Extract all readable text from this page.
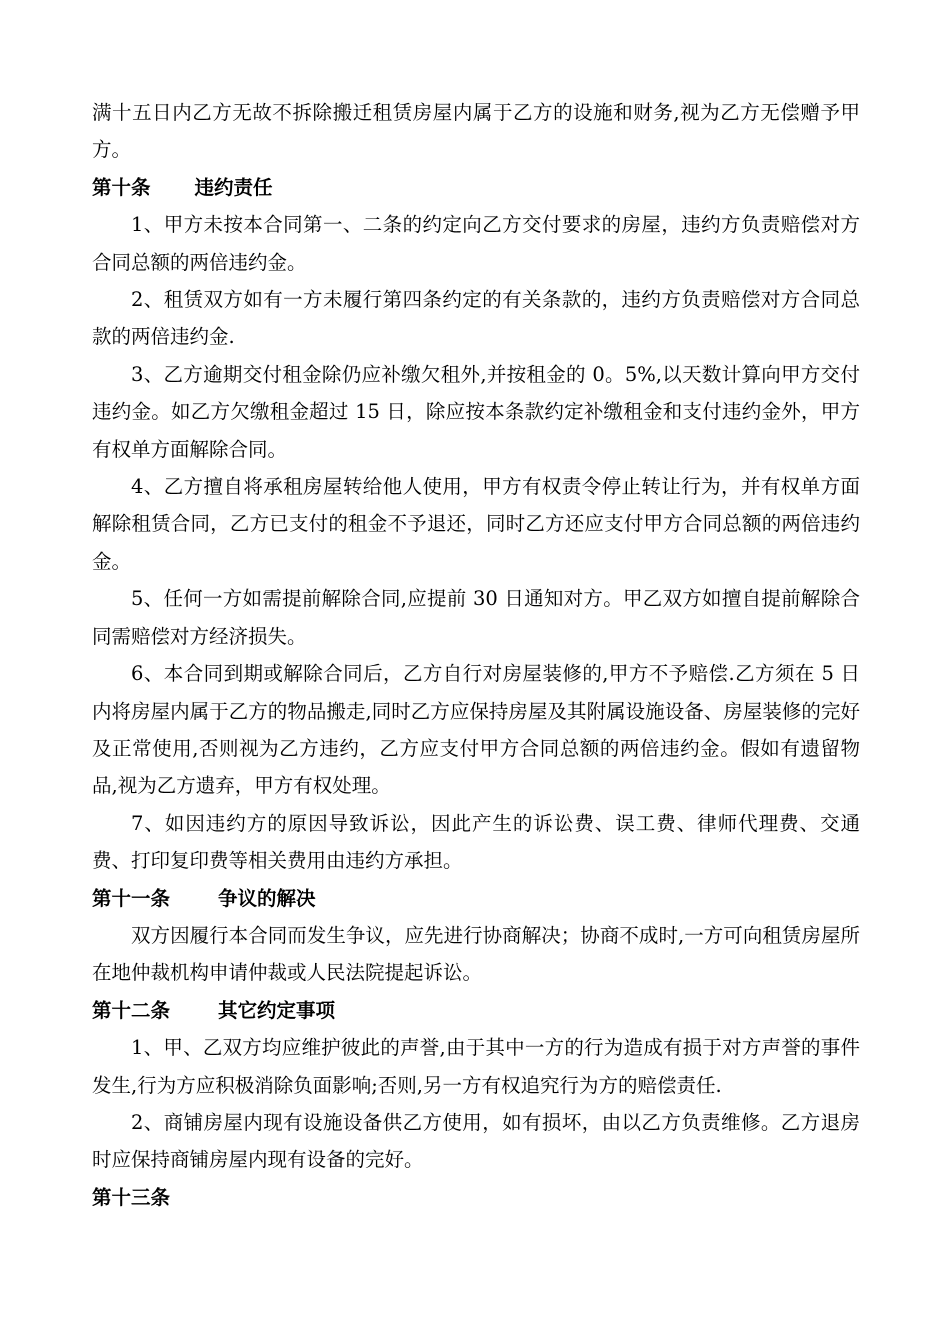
满十五日内乙方无故不拆除搬迁租赁房屋内属于乙方的设施和财务,视为乙方无偿赠予甲方。

第十条 违约责任

1、甲方未按本合同第一、二条的约定向乙方交付要求的房屋，违约方负责赔偿对方合同总额的两倍违约金。

2、租赁双方如有一方未履行第四条约定的有关条款的，违约方负责赔偿对方合同总款的两倍违约金.

3、乙方逾期交付租金除仍应补缴欠租外,并按租金的 0。5%,以天数计算向甲方交付违约金。如乙方欠缴租金超过 15 日，除应按本条款约定补缴租金和支付违约金外，甲方有权单方面解除合同。

4、乙方擅自将承租房屋转给他人使用，甲方有权责令停止转让行为，并有权单方面解除租赁合同，乙方已支付的租金不予退还，同时乙方还应支付甲方合同总额的两倍违约金。

5、任何一方如需提前解除合同,应提前 30 日通知对方。甲乙双方如擅自提前解除合同需赔偿对方经济损失。

6、本合同到期或解除合同后，乙方自行对房屋装修的,甲方不予赔偿.乙方须在 5 日内将房屋内属于乙方的物品搬走,同时乙方应保持房屋及其附属设施设备、房屋装修的完好及正常使用,否则视为乙方违约，乙方应支付甲方合同总额的两倍违约金。假如有遗留物品,视为乙方遗弃，甲方有权处理。

7、如因违约方的原因导致诉讼，因此产生的诉讼费、误工费、律师代理费、交通费、打印复印费等相关费用由违约方承担。

第十一条 争议的解决

双方因履行本合同而发生争议，应先进行协商解决；协商不成时,一方可向租赁房屋所在地仲裁机构申请仲裁或人民法院提起诉讼。

第十二条 其它约定事项

1、甲、乙双方均应维护彼此的声誉,由于其中一方的行为造成有损于对方声誉的事件发生,行为方应积极消除负面影响;否则,另一方有权追究行为方的赔偿责任.

2、商铺房屋内现有设施设备供乙方使用，如有损坏，由以乙方负责维修。乙方退房时应保持商铺房屋内现有设备的完好。

第十三条
